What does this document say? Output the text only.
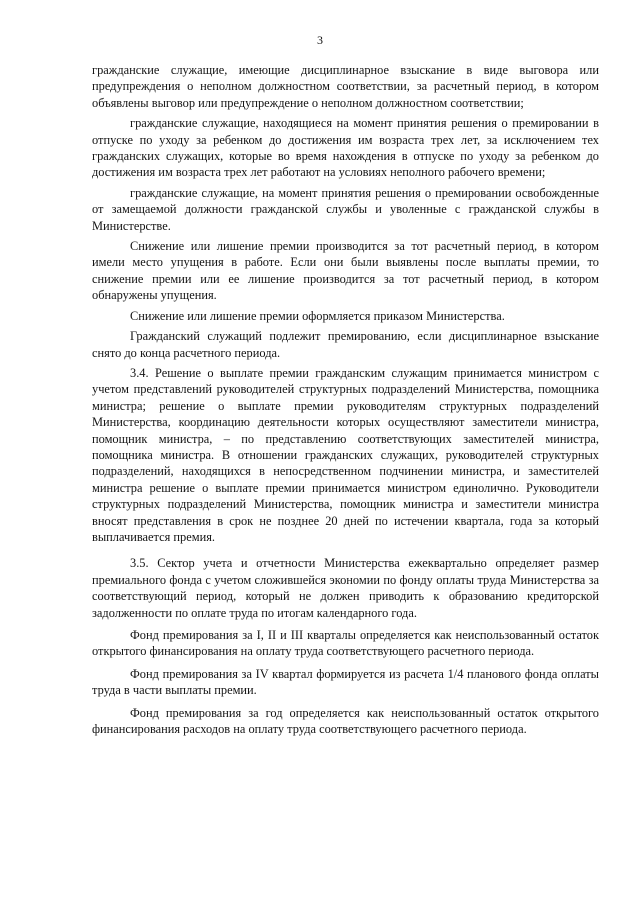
3

гражданские служащие, имеющие дисциплинарное взыскание в виде выговора или предупреждения о неполном должностном соответствии, за расчетный период, в котором объявлены выговор или предупреждение о неполном должностном соответствии;

гражданские служащие, находящиеся на момент принятия решения о премировании в отпуске по уходу за ребенком до достижения им возраста трех лет, за исключением тех гражданских служащих, которые во время нахождения в отпуске по уходу за ребенком до достижения им возраста трех лет работают на условиях неполного рабочего времени;

гражданские служащие, на момент принятия решения о премировании освобожденные от замещаемой должности гражданской службы и уволенные с гражданской службы в Министерстве.

Снижение или лишение премии производится за тот расчетный период, в котором имели место упущения в работе. Если они были выявлены после выплаты премии, то снижение премии или ее лишение производится за тот расчетный период, в котором обнаружены упущения.

Снижение или лишение премии оформляется приказом Министерства.

Гражданский служащий подлежит премированию, если дисциплинарное взыскание снято до конца расчетного периода.

3.4. Решение о выплате премии гражданским служащим принимается министром с учетом представлений руководителей структурных подразделений Министерства, помощника министра; решение о выплате премии руководителям структурных подразделений Министерства, координацию деятельности которых осуществляют заместители министра, помощник министра, – по представлению соответствующих заместителей министра, помощника министра. В отношении гражданских служащих, руководителей структурных подразделений, находящихся в непосредственном подчинении министра, и заместителей министра решение о выплате премии принимается министром единолично. Руководители структурных подразделений Министерства, помощник министра и заместители министра вносят представления в срок не позднее 20 дней по истечении квартала, года за который выплачивается премия.

3.5. Сектор учета и отчетности Министерства ежеквартально определяет размер премиального фонда с учетом сложившейся экономии по фонду оплаты труда Министерства за соответствующий период, который не должен приводить к образованию кредиторской задолженности по оплате труда по итогам календарного года.

Фонд премирования за I, II и III кварталы определяется как неиспользованный остаток открытого финансирования на оплату труда соответствующего расчетного периода.

Фонд премирования за IV квартал формируется из расчета 1/4 планового фонда оплаты труда в части выплаты премии.

Фонд премирования за год определяется как неиспользованный остаток открытого финансирования расходов на оплату труда соответствующего расчетного периода.
